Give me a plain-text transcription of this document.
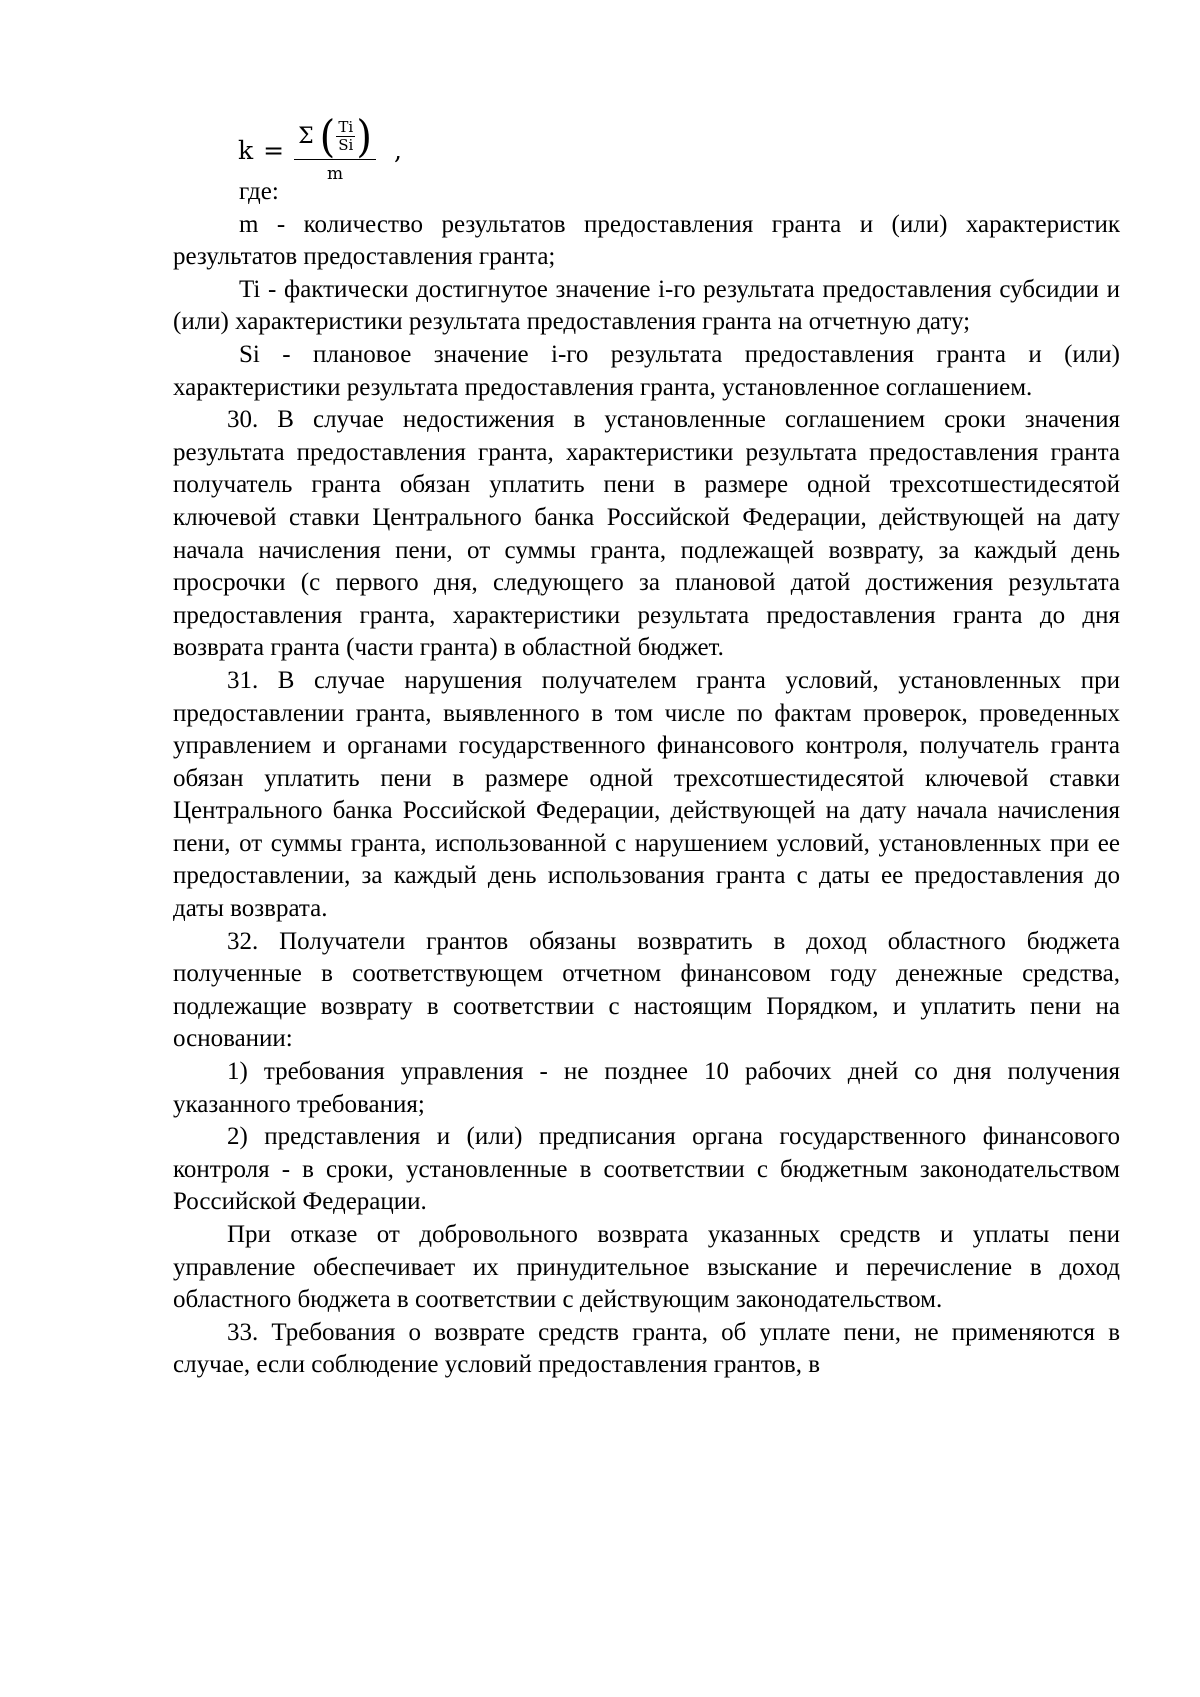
k = Σ ( $\frac{Ti}{Si}$ )
m
,

где:

m - количество результатов предоставления гранта и (или) характеристик результатов предоставления гранта;

Ti - фактически достигнутое значение i-го результата предоставления субсидии и (или) характеристики результата предоставления гранта на отчетную дату;

Si - плановое значение i-го результата предоставления гранта и (или) характеристики результата предоставления гранта, установленное соглашением.

30. В случае недостижения в установленные соглашением сроки значения результата предоставления гранта, характеристики результата предоставления гранта получатель гранта обязан уплатить пени в размере одной трехсотшестидесятой ключевой ставки Центрального банка Российской Федерации, действующей на дату начала начисления пени, от суммы гранта, подлежащей возврату, за каждый день просрочки (с первого дня, следующего за плановой датой достижения результата предоставления гранта, характеристики результата предоставления гранта до дня возврата гранта (части гранта) в областной бюджет.

31. В случае нарушения получателем гранта условий, установленных при предоставлении гранта, выявленного в том числе по фактам проверок, проведенных управлением и органами государственного финансового контроля, получатель гранта обязан уплатить пени в размере одной трехсотшестидесятой ключевой ставки Центрального банка Российской Федерации, действующей на дату начала начисления пени, от суммы гранта, использованной с нарушением условий, установленных при ее предоставлении, за каждый день использования гранта с даты ее предоставления до даты возврата.

32. Получатели грантов обязаны возвратить в доход областного бюджета полученные в соответствующем отчетном финансовом году денежные средства, подлежащие возврату в соответствии с настоящим Порядком, и уплатить пени на основании:

1) требования управления - не позднее 10 рабочих дней со дня получения указанного требования;

2) представления и (или) предписания органа государственного финансового контроля - в сроки, установленные в соответствии с бюджетным законодательством Российской Федерации.

При отказе от добровольного возврата указанных средств и уплаты пени управление обеспечивает их принудительное взыскание и перечисление в доход областного бюджета в соответствии с действующим законодательством.

33. Требования о возврате средств гранта, об уплате пени, не применяются в случае, если соблюдение условий предоставления грантов, в
